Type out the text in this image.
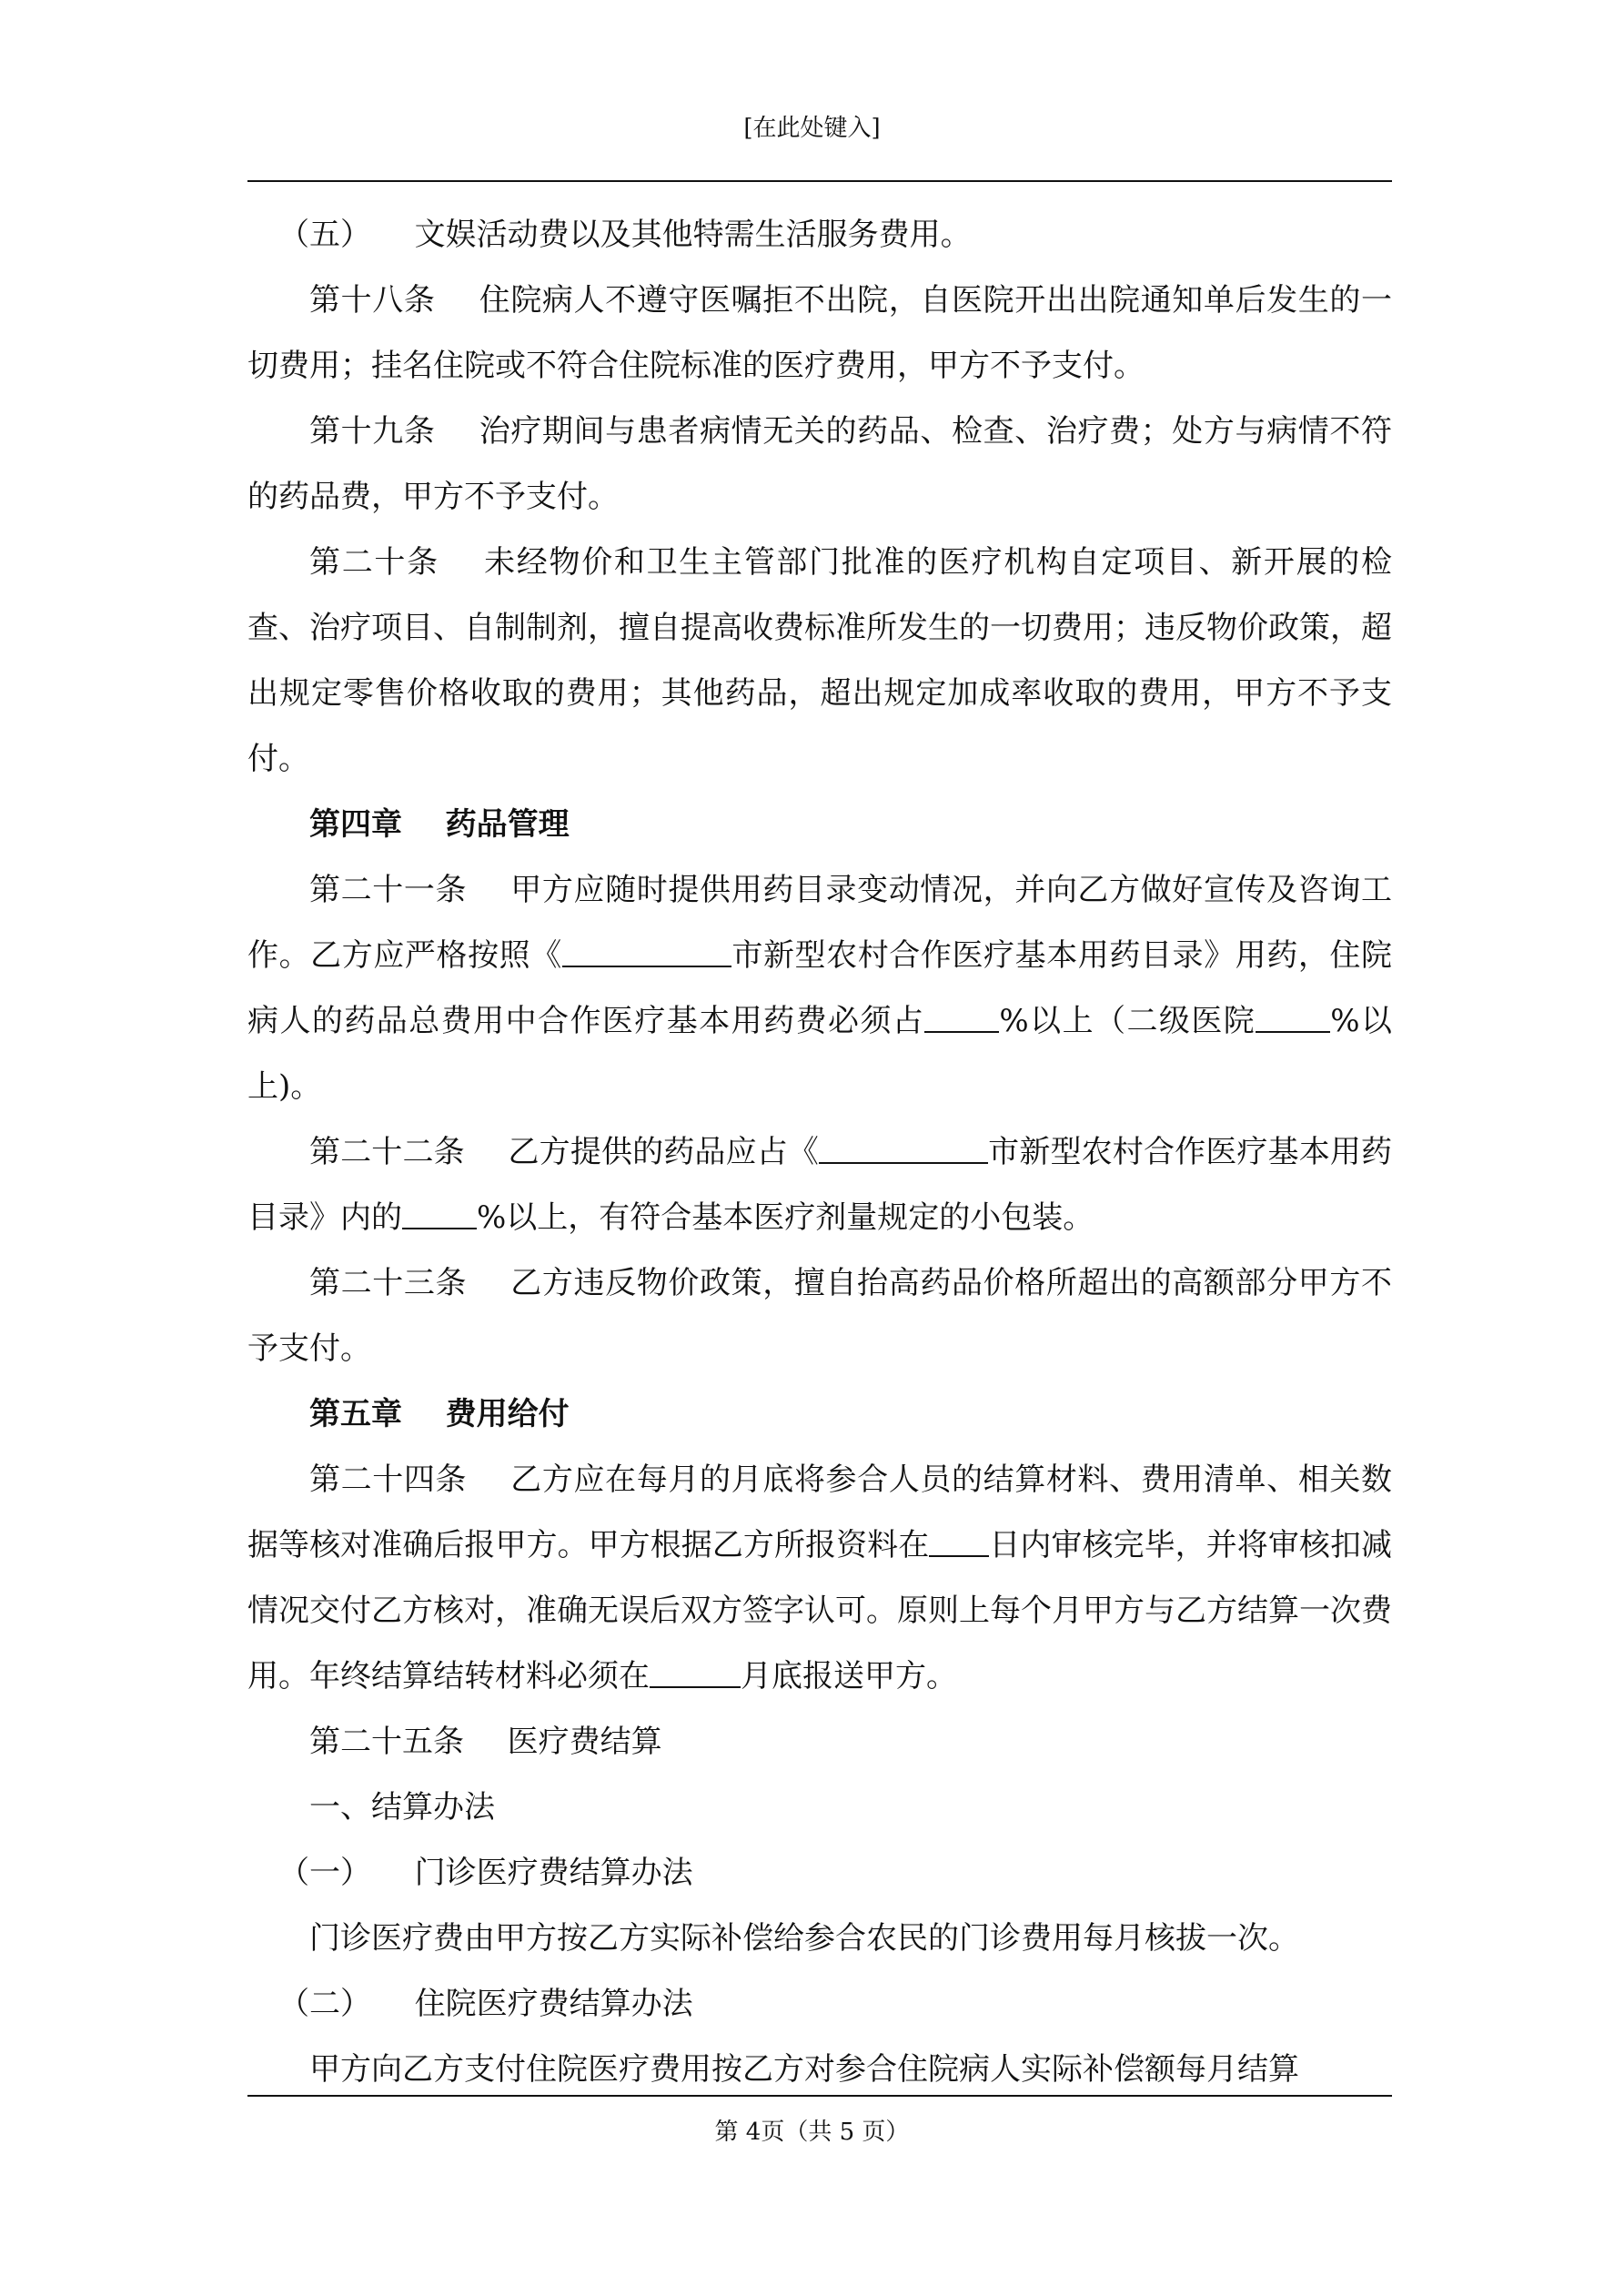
[在此处键入]

（五） 文娱活动费以及其他特需生活服务费用。

第十八条 住院病人不遵守医嘱拒不出院，自医院开出出院通知单后发生的一切费用；挂名住院或不符合住院标准的医疗费用，甲方不予支付。

第十九条 治疗期间与患者病情无关的药品、检查、治疗费；处方与病情不符的药品费，甲方不予支付。

第二十条 未经物价和卫生主管部门批准的医疗机构自定项目、新开展的检查、治疗项目、自制制剂，擅自提高收费标准所发生的一切费用；违反物价政策，超出规定零售价格收取的费用；其他药品，超出规定加成率收取的费用，甲方不予支付。

第四章 药品管理

第二十一条 甲方应随时提供用药目录变动情况，并向乙方做好宣传及咨询工作。乙方应严格按照《	市新型农村合作医疗基本用药目录》用药，住院病人的药品总费用中合作医疗基本用药费必须占 %以上（二级医院 %以上)。

第二十二条 乙方提供的药品应占《	市新型农村合作医疗基本用药目录》内的 %以上，有符合基本医疗剂量规定的小包装。

第二十三条 乙方违反物价政策，擅自抬高药品价格所超出的高额部分甲方不予支付。

第五章 费用给付

第二十四条 乙方应在每月的月底将参合人员的结算材料、费用清单、相关数据等核对准确后报甲方。甲方根据乙方所报资料在 日内审核完毕，并将审核扣减情况交付乙方核对，准确无误后双方签字认可。原则上每个月甲方与乙方结算一次费用。年终结算结转材料必须在	月底报送甲方。

第二十五条 医疗费结算

一、结算办法

（一） 门诊医疗费结算办法

门诊医疗费由甲方按乙方实际补偿给参合农民的门诊费用每月核拔一次。

（二） 住院医疗费结算办法

甲方向乙方支付住院医疗费用按乙方对参合住院病人实际补偿额每月结算

第 4页（共 5 页）
